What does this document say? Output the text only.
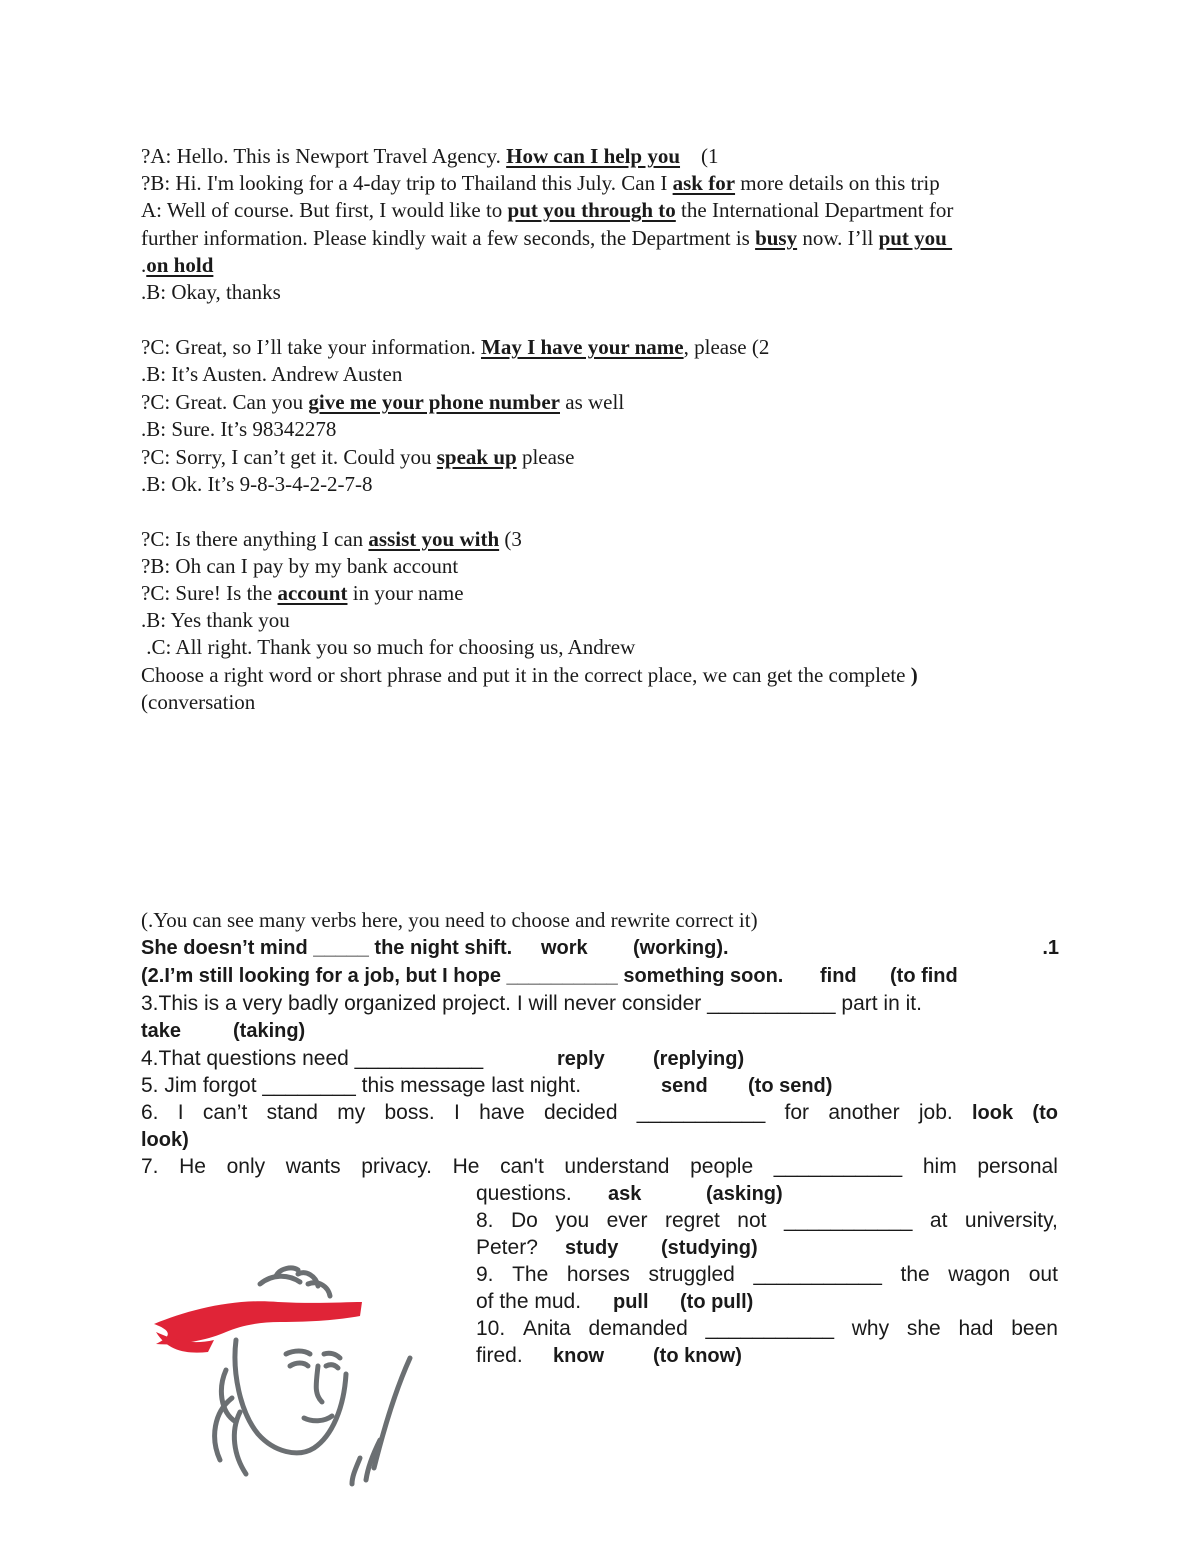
?A: Hello. This is Newport Travel Agency. How can I help you    (1
?B: Hi. I'm looking for a 4-day trip to Thailand this July. Can I ask for more details on this trip
A: Well of course. But first, I would like to put you through to the International Department for
further information. Please kindly wait a few seconds, the Department is busy now. I’ll put you
.on hold
.B: Okay, thanks
?C: Great, so I’ll take your information. May I have your name, please (2
.B: It’s Austen. Andrew Austen
?C: Great. Can you give me your phone number as well
.B: Sure. It’s 98342278
?C: Sorry, I can’t get it. Could you speak up please
.B: Ok. It’s 9-8-3-4-2-2-7-8
?C: Is there anything I can assist you with (3
?B: Oh can I pay by my bank account
?C: Sure! Is the account in your name
.B: Yes thank you
.C: All right. Thank you so much for choosing us, Andrew
Choose a right word or short phrase and put it in the correct place, we can get the complete )
(conversation
(.You can see many verbs here, you need to choose and rewrite correct it)
She doesn’t mind _____ the night shift. work (working).	.1
(2.I’m still looking for a job, but I hope __________ something soon. find (to find
3.This is a very badly organized project. I will never consider ___________ part in it.
take	(taking)
4.That questions need ___________	reply (replying)
5. Jim forgot ________ this message last night.	send (to send)
6. I can’t stand my boss. I have decided ___________ for another job. look (to
look)
7. He only wants privacy. He can't understand people ___________ him personal
questions. ask	(asking)
8. Do you ever regret not ___________ at university,
Peter? study (studying)
9. The horses struggled ___________ the wagon out
of the mud. pull (to pull)
10. Anita demanded ___________ why she had been
fired. know (to know)
